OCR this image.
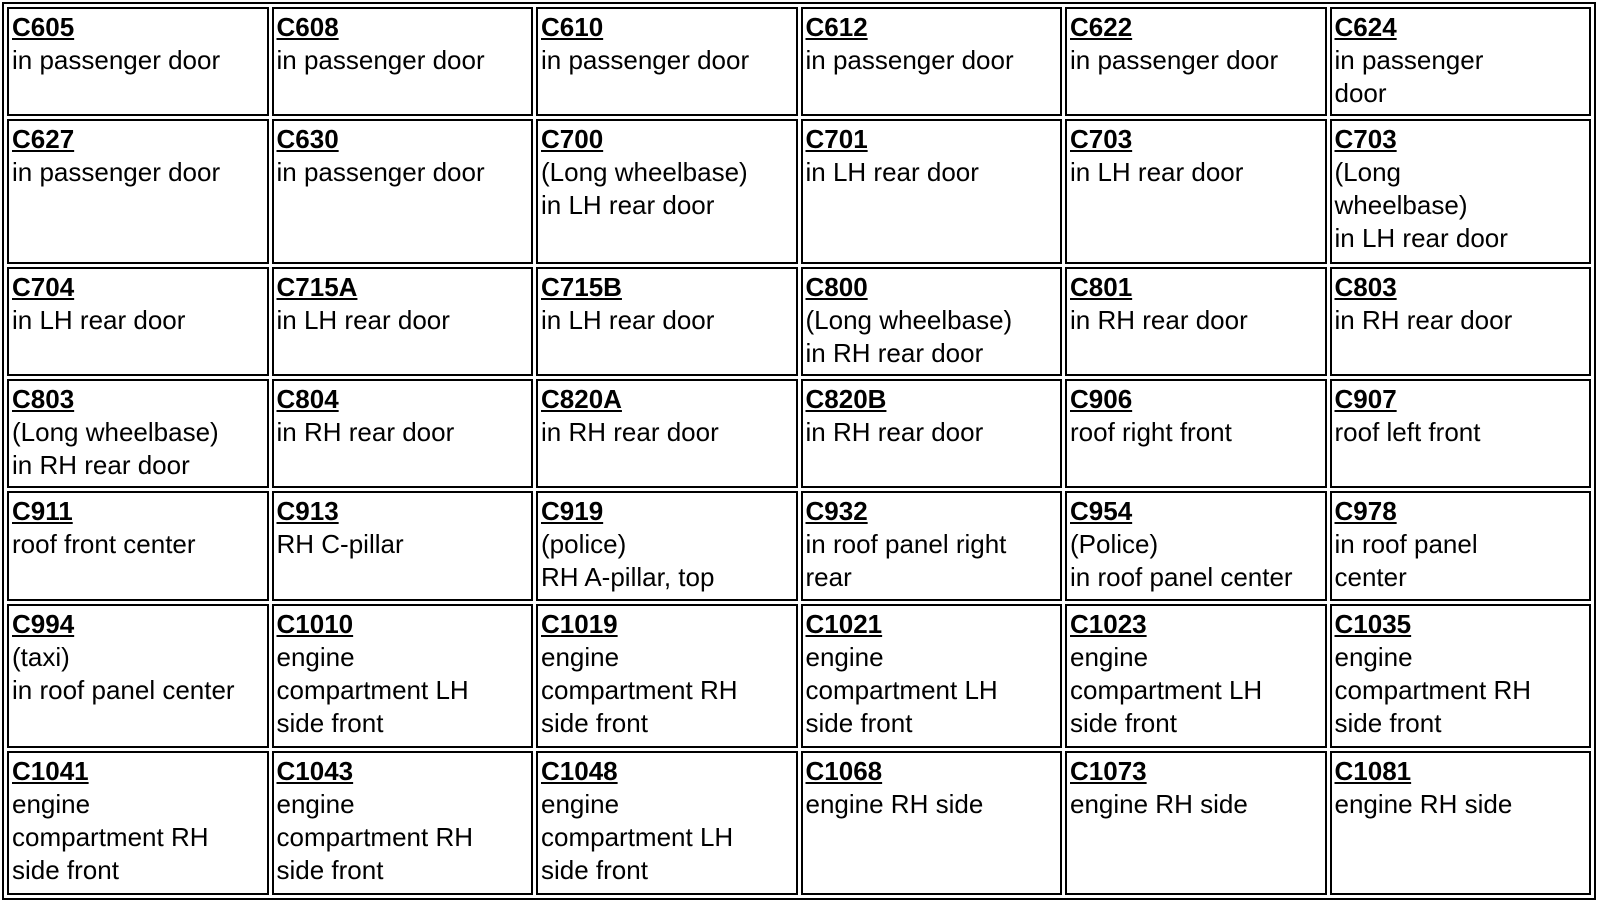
C605
in passenger door	C608
in passenger door	C610
in passenger door	C612
in passenger door	C622
in passenger door	C624
in passenger
door

C627
in passenger door	C630
in passenger door	C700
(Long wheelbase)
in LH rear door	C701
in LH rear door	C703
in LH rear door	C703
(Long
wheelbase)
in LH rear door

C704
in LH rear door	C715A
in LH rear door	C715B
in LH rear door	C800
(Long wheelbase)
in RH rear door	C801
in RH rear door	C803
in RH rear door

C803
(Long wheelbase)
in RH rear door	C804
in RH rear door	C820A
in RH rear door	C820B
in RH rear door	C906
roof right front	C907
roof left front

C911
roof front center	C913
RH C-pillar	C919
(police)
RH A-pillar, top	C932
in roof panel right
rear	C954
(Police)
in roof panel center	C978
in roof panel
center

C994
(taxi)
in roof panel center	C1010
engine
compartment LH
side front	C1019
engine
compartment RH
side front	C1021
engine
compartment LH
side front	C1023
engine
compartment LH
side front	C1035
engine
compartment RH
side front

C1041
engine
compartment RH
side front	C1043
engine
compartment RH
side front	C1048
engine
compartment LH
side front	C1068
engine RH side	C1073
engine RH side	C1081
engine RH side
